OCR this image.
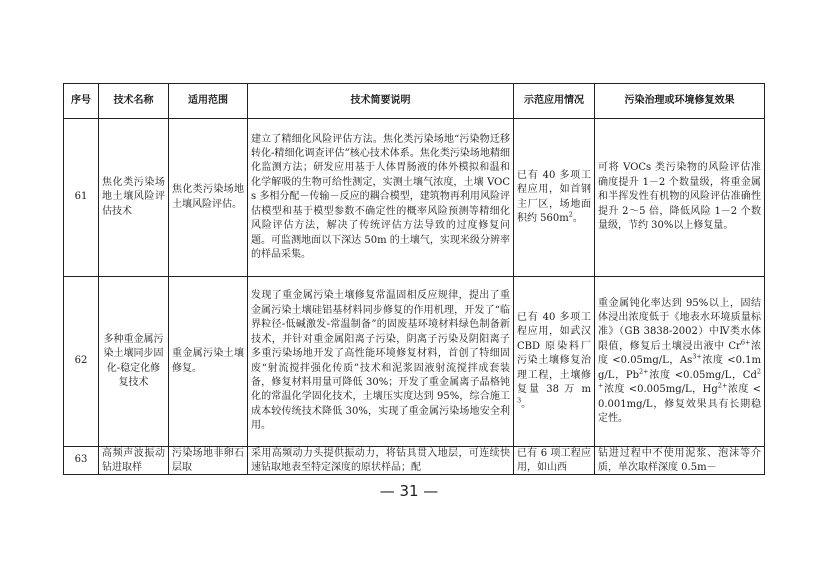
序号	技术名称	适用范围	技术简要说明	示范应用情况	污染治理或环境修复效果
61	焦化类污染场地土壤风险评估技术	焦化类污染场地土壤风险评估。	建立了精细化风险评估方法。焦化类污染场地“污染物迁移转化-精细化调查评估”核心技术体系。焦化类污染场地精细化监测方法；研发应用基于人体胃肠液的体外模拟和温和化学解吸的生物可给性测定，实测土壤气浓度，土壤 VOCs 多相分配－传输－反应的耦合模型，建筑物再利用风险评估模型和基于模型参数不确定性的概率风险预测等精细化风险评估方法，解决了传统评估方法导致的过度修复问题。可监测地面以下深达 50m 的土壤气，实现米级分辨率的样品采集。	已有 40 多项工程应用，如首钢主厂区，场地面积约 $560m^2$。	可将 VOCs 类污染物的风险评估准确度提升 1－2 个数量级，将重金属和半挥发性有机物的风险评估准确性提升 2～5 倍，降低风险 1－2 个数量级，节约 30%以上修复量。
62	多种重金属污染土壤同步固化-稳定化修复技术	重金属污染土壤修复。	发现了重金属污染土壤修复常温固相反应规律，提出了重金属污染土壤硅铝基材料同步修复的作用机理，开发了“临界粒径-低碱激发-常温制备”的固废基环境材料绿色制备新技术，并针对重金属阳离子污染，阴离子污染及阴阳离子多重污染场地开发了高性能环境修复材料，首创了特细固废“射流搅拌强化传质”技术和泥浆固液射流搅拌成套装备，修复材料用量可降低 30%；开发了重金属离子晶格钝化的常温化学固化技术，土壤压实度达到 95%，综合施工成本较传统技术降低 30%，实现了重金属污染场地安全利用。	已有 40 多项工程应用，如武汉 CBD 原染料厂污染土壤修复治理工程，土壤修复量 38 万 $m^3$。	重金属钝化率达到 95%以上，固结体浸出浓度低于《地表水环境质量标准》（GB 3838-2002）中Ⅳ类水体限值，修复后土壤浸出液中 $Cr^{6+}$浓度 <0.05mg/L，$As^{3+}$浓度 <0.1mg/L，$Pb^{2+}$浓度 <0.05mg/L，$Cd^{2+}$浓度 <0.005mg/L，$Hg^{2+}$浓度 <0.001mg/L，修复效果具有长期稳定性。
63	高频声波振动钻进取样	污染场地非卵石层取	采用高频动力头提供振动力，将钻具贯入地层，可连续快速钻取地表至特定深度的原状样品；配	已有 6 项工程应用，如山西	钻进过程中不使用泥浆、泡沫等介质，单次取样深度 0.5m－
— 31 —
